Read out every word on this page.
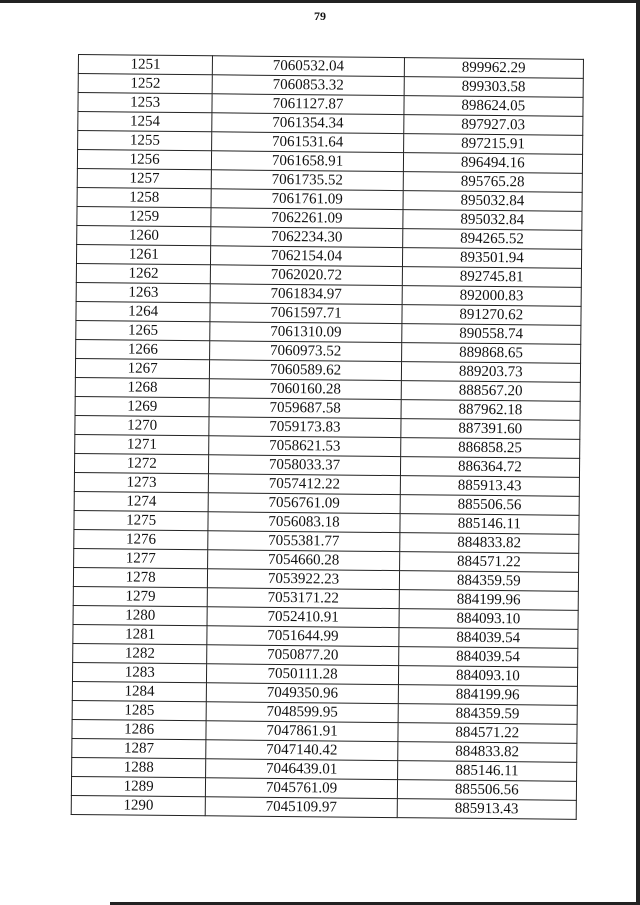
79
1251	7060532.04	899962.29
1252	7060853.32	899303.58
1253	7061127.87	898624.05
1254	7061354.34	897927.03
1255	7061531.64	897215.91
1256	7061658.91	896494.16
1257	7061735.52	895765.28
1258	7061761.09	895032.84
1259	7062261.09	895032.84
1260	7062234.30	894265.52
1261	7062154.04	893501.94
1262	7062020.72	892745.81
1263	7061834.97	892000.83
1264	7061597.71	891270.62
1265	7061310.09	890558.74
1266	7060973.52	889868.65
1267	7060589.62	889203.73
1268	7060160.28	888567.20
1269	7059687.58	887962.18
1270	7059173.83	887391.60
1271	7058621.53	886858.25
1272	7058033.37	886364.72
1273	7057412.22	885913.43
1274	7056761.09	885506.56
1275	7056083.18	885146.11
1276	7055381.77	884833.82
1277	7054660.28	884571.22
1278	7053922.23	884359.59
1279	7053171.22	884199.96
1280	7052410.91	884093.10
1281	7051644.99	884039.54
1282	7050877.20	884039.54
1283	7050111.28	884093.10
1284	7049350.96	884199.96
1285	7048599.95	884359.59
1286	7047861.91	884571.22
1287	7047140.42	884833.82
1288	7046439.01	885146.11
1289	7045761.09	885506.56
1290	7045109.97	885913.43
